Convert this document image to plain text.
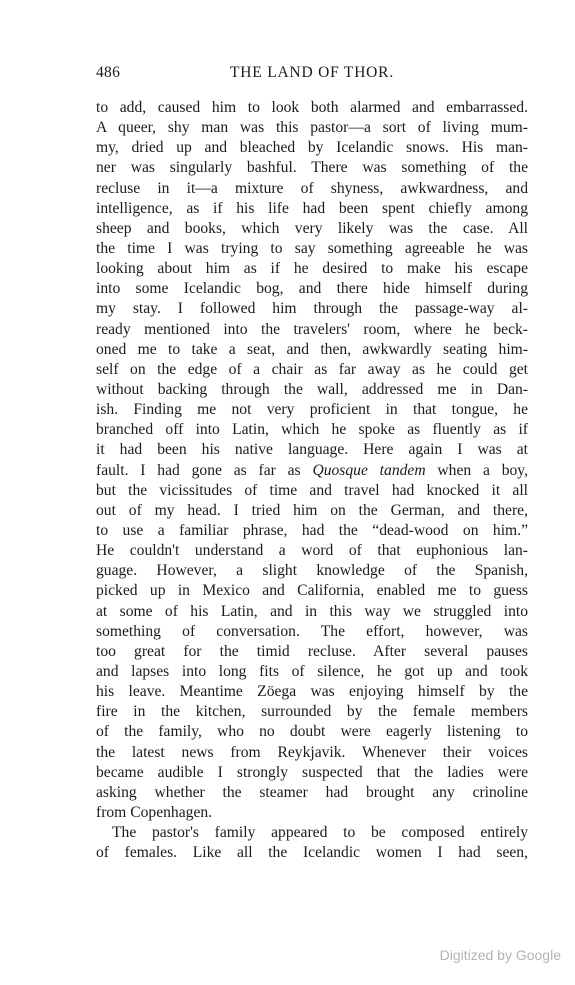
486	THE LAND OF THOR.
to add, caused him to look both alarmed and embarrassed.
A queer, shy man was this pastor—a sort of living mum-
my, dried up and bleached by Icelandic snows. His man-
ner was singularly bashful. There was something of the
recluse in it—a mixture of shyness, awkwardness, and
intelligence, as if his life had been spent chiefly among
sheep and books, which very likely was the case. All
the time I was trying to say something agreeable he was
looking about him as if he desired to make his escape
into some Icelandic bog, and there hide himself during
my stay. I followed him through the passage-way al-
ready mentioned into the travelers' room, where he beck-
oned me to take a seat, and then, awkwardly seating him-
self on the edge of a chair as far away as he could get
without backing through the wall, addressed me in Dan-
ish. Finding me not very proficient in that tongue, he
branched off into Latin, which he spoke as fluently as if
it had been his native language. Here again I was at
fault. I had gone as far as Quosque tandem when a boy,
but the vicissitudes of time and travel had knocked it all
out of my head. I tried him on the German, and there,
to use a familiar phrase, had the “dead-wood on him.”
He couldn't understand a word of that euphonious lan-
guage. However, a slight knowledge of the Spanish,
picked up in Mexico and California, enabled me to guess
at some of his Latin, and in this way we struggled into
something of conversation. The effort, however, was
too great for the timid recluse. After several pauses
and lapses into long fits of silence, he got up and took
his leave. Meantime Zöega was enjoying himself by the
fire in the kitchen, surrounded by the female members
of the family, who no doubt were eagerly listening to
the latest news from Reykjavik. Whenever their voices
became audible I strongly suspected that the ladies were
asking whether the steamer had brought any crinoline
from Copenhagen.
The pastor's family appeared to be composed entirely
of females. Like all the Icelandic women I had seen,
Digitized by Google
